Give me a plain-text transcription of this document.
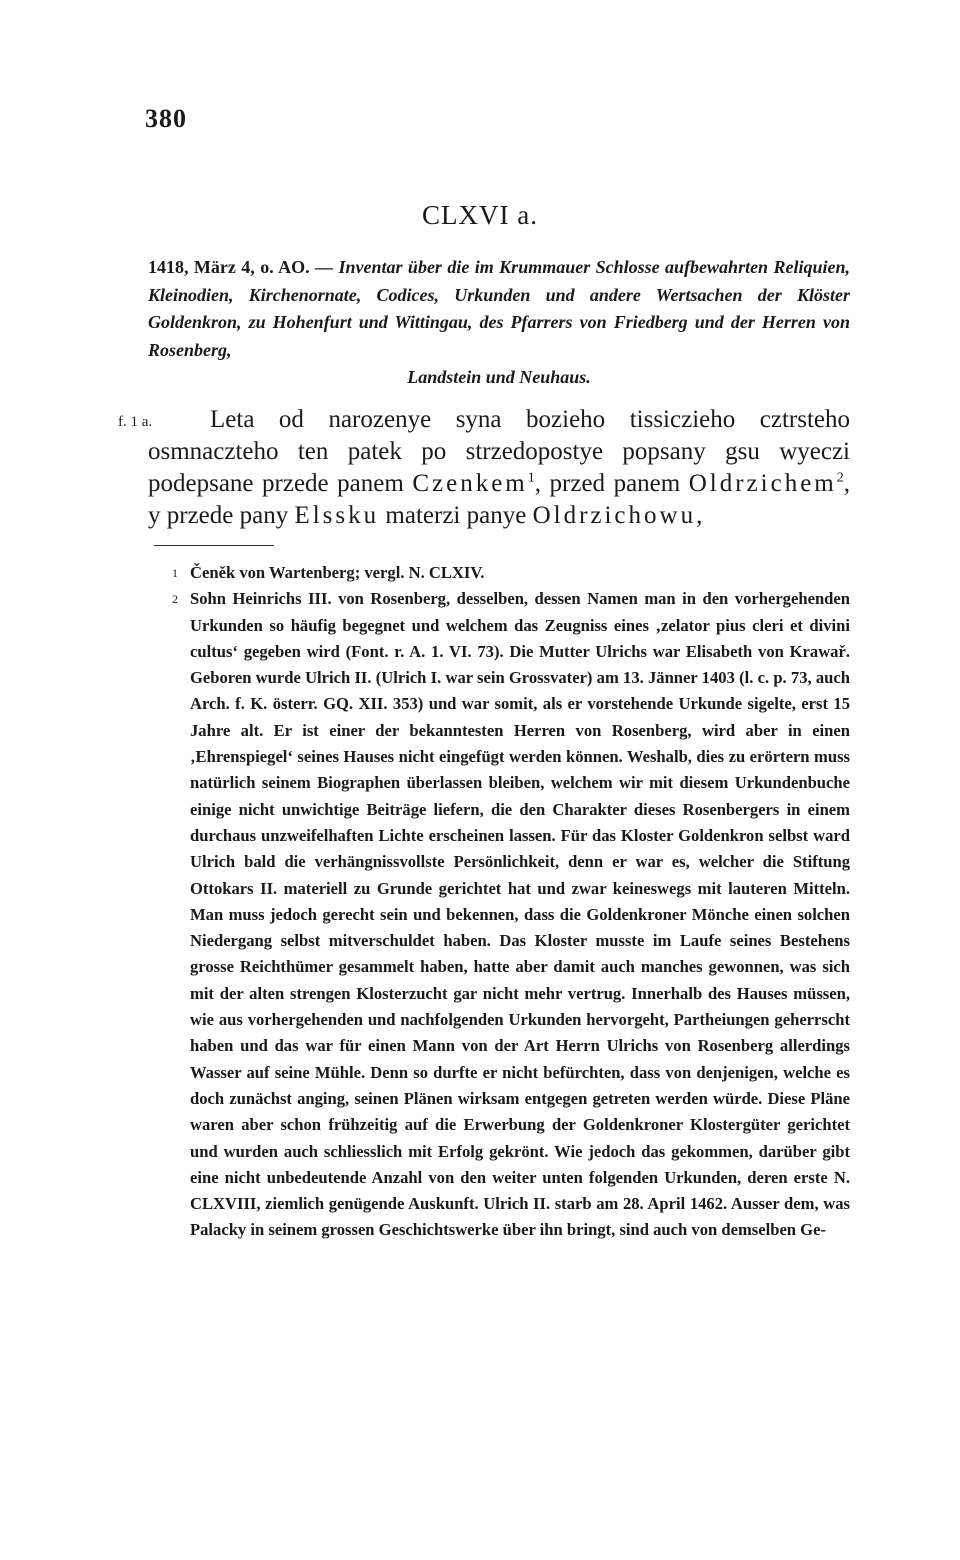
380
CLXVI a.
1418, März 4, o. AO. — Inventar über die im Krummauer Schlosse aufbewahrten Reliquien, Kleinodien, Kirchenornate, Codices, Urkunden und andere Wertsachen der Klöster Goldenkron, zu Hohenfurt und Wittingau, des Pfarrers von Friedberg und der Herren von Rosenberg,
Landstein und Neuhaus.
f. 1 a.	Leta od narozenye syna bozieho tissiczieho cztrsteho osmnaczteho ten patek po strzedopostye popsany gsu wyeczi podepsane przede panem Czenkem$^1$, przed panem Oldrzichem$^2$, y przede pany Elssku materzi panye Oldrzichowu,

1 Čeněk von Wartenberg; vergl. N. CLXIV.

2 Sohn Heinrichs III. von Rosenberg, desselben, dessen Namen man in den vorhergehenden Urkunden so häufig begegnet und welchem das Zeugniss eines ‚zelator pius cleri et divini cultus‘ gegeben wird (Font. r. A. 1. VI. 73). Die Mutter Ulrichs war Elisabeth von Krawař. Geboren wurde Ulrich II. (Ulrich I. war sein Grossvater) am 13. Jänner 1403 (l. c. p. 73, auch Arch. f. K. österr. GQ. XII. 353) und war somit, als er vorstehende Urkunde sigelte, erst 15 Jahre alt. Er ist einer der bekanntesten Herren von Rosenberg, wird aber in einen ‚Ehrenspiegel‘ seines Hauses nicht eingefügt werden können. Weshalb, dies zu erörtern muss natürlich seinem Biographen überlassen bleiben, welchem wir mit diesem Urkundenbuche einige nicht unwichtige Beiträge liefern, die den Charakter dieses Rosenbergers in einem durchaus unzweifelhaften Lichte erscheinen lassen. Für das Kloster Goldenkron selbst ward Ulrich bald die verhängnissvollste Persönlichkeit, denn er war es, welcher die Stiftung Ottokars II. materiell zu Grunde gerichtet hat und zwar keineswegs mit lauteren Mitteln. Man muss jedoch gerecht sein und bekennen, dass die Goldenkroner Mönche einen solchen Niedergang selbst mitverschuldet haben. Das Kloster musste im Laufe seines Bestehens grosse Reichthümer gesammelt haben, hatte aber damit auch manches gewonnen, was sich mit der alten strengen Klosterzucht gar nicht mehr vertrug. Innerhalb des Hauses müssen, wie aus vorhergehenden und nachfolgenden Urkunden hervorgeht, Partheiungen geherrscht haben und das war für einen Mann von der Art Herrn Ulrichs von Rosenberg allerdings Wasser auf seine Mühle. Denn so durfte er nicht befürchten, dass von denjenigen, welche es doch zunächst anging, seinen Plänen wirksam entgegen getreten werden würde. Diese Pläne waren aber schon frühzeitig auf die Erwerbung der Goldenkroner Klostergüter gerichtet und wurden auch schliesslich mit Erfolg gekrönt. Wie jedoch das gekommen, darüber gibt eine nicht unbedeutende Anzahl von den weiter unten folgenden Urkunden, deren erste N. CLXVIII, ziemlich genügende Auskunft. Ulrich II. starb am 28. April 1462. Ausser dem, was Palacky in seinem grossen Geschichtswerke über ihn bringt, sind auch von demselben Ge-
